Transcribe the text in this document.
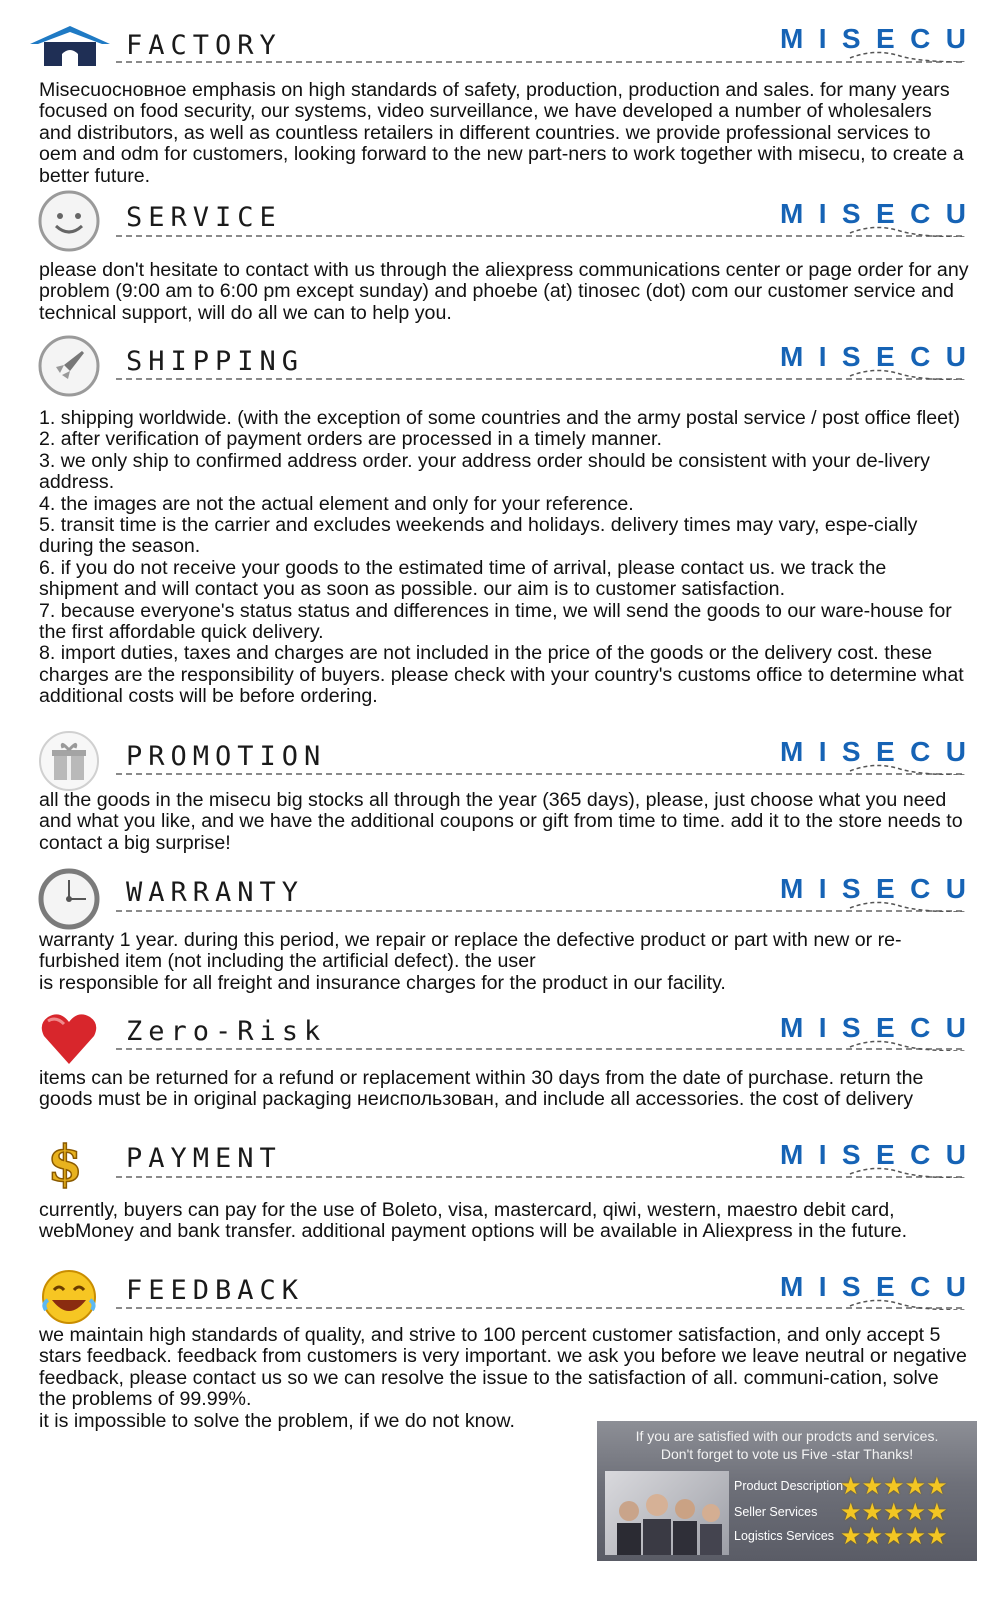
FACTORY

Misecuосновное emphasis on high standards of safety, production, production and sales. for many years focused on food security, our systems, video surveillance, we have developed a number of wholesalers and distributors, as well as countless retailers in different countries. we provide professional services to oem and odm for customers, looking forward to the new part-ners to work together with misecu, to create a better future.

SERVICE

please don't hesitate to contact with us through the aliexpress communications center or page order for any problem (9:00 am to 6:00 pm except sunday) and phoebe (at) tinosec (dot) com our customer service and technical support, will do all we can to help you.

SHIPPING

1. shipping worldwide. (with the exception of some countries and the army postal service / post office fleet)

2. after verification of payment orders are processed in a timely manner.

3. we only ship to confirmed address order. your address order should be consistent with your de-livery address.

4. the images are not the actual element and only for your reference.

5. transit time is the carrier and excludes weekends and holidays. delivery times may vary, espe-cially during the season.

6. if you do not receive your goods to the estimated time of arrival, please contact us. we track the shipment and will contact you as soon as possible. our aim is to customer satisfaction.

7. because everyone's status status and differences in time, we will send the goods to our ware-house for the first affordable quick delivery.

8. import duties, taxes and charges are not included in the price of the goods or the delivery cost. these charges are the responsibility of buyers. please check with your country's customs office to determine what additional costs will be before ordering.

PROMOTION

all the goods in the misecu big stocks all through the year (365 days), please, just choose what you need and what you like, and we have the additional coupons or gift from time to time. add it to the store needs to contact a big surprise!

WARRANTY

warranty 1 year. during this period, we repair or replace the defective product or part with new or re-furbished item (not including the artificial defect). the user

is responsible for all freight and insurance charges for the product in our facility.

Zero-Risk

items can be returned for a refund or replacement within 30 days from the date of purchase. return the goods must be in original packaging неиспользован, and include all accessories. the cost of delivery

$ PAYMENT

currently, buyers can pay for the use of Boleto, visa, mastercard, qiwi, western, maestro debit card, webMoney and bank transfer. additional payment options will be available in Aliexpress in the future.

FEEDBACK

we maintain high standards of quality, and strive to 100 percent customer satisfaction, and only accept 5 stars feedback. feedback from customers is very important. we ask you before we leave neutral or negative feedback, please contact us so we can resolve the issue to the satisfaction of all. communi-cation, solve the problems of 99.99%.

it is impossible to solve the problem, if we do not know.

MISECU
MISECU
MISECU
MISECU
MISECU
MISECU
MISECU
MISECU
If you are satisfied with our prodcts and services.
Don't forget to vote us Five -star Thanks!
Product Description
★★★★★
Seller Services ★★★★★
Logistics Services ★★★★★
